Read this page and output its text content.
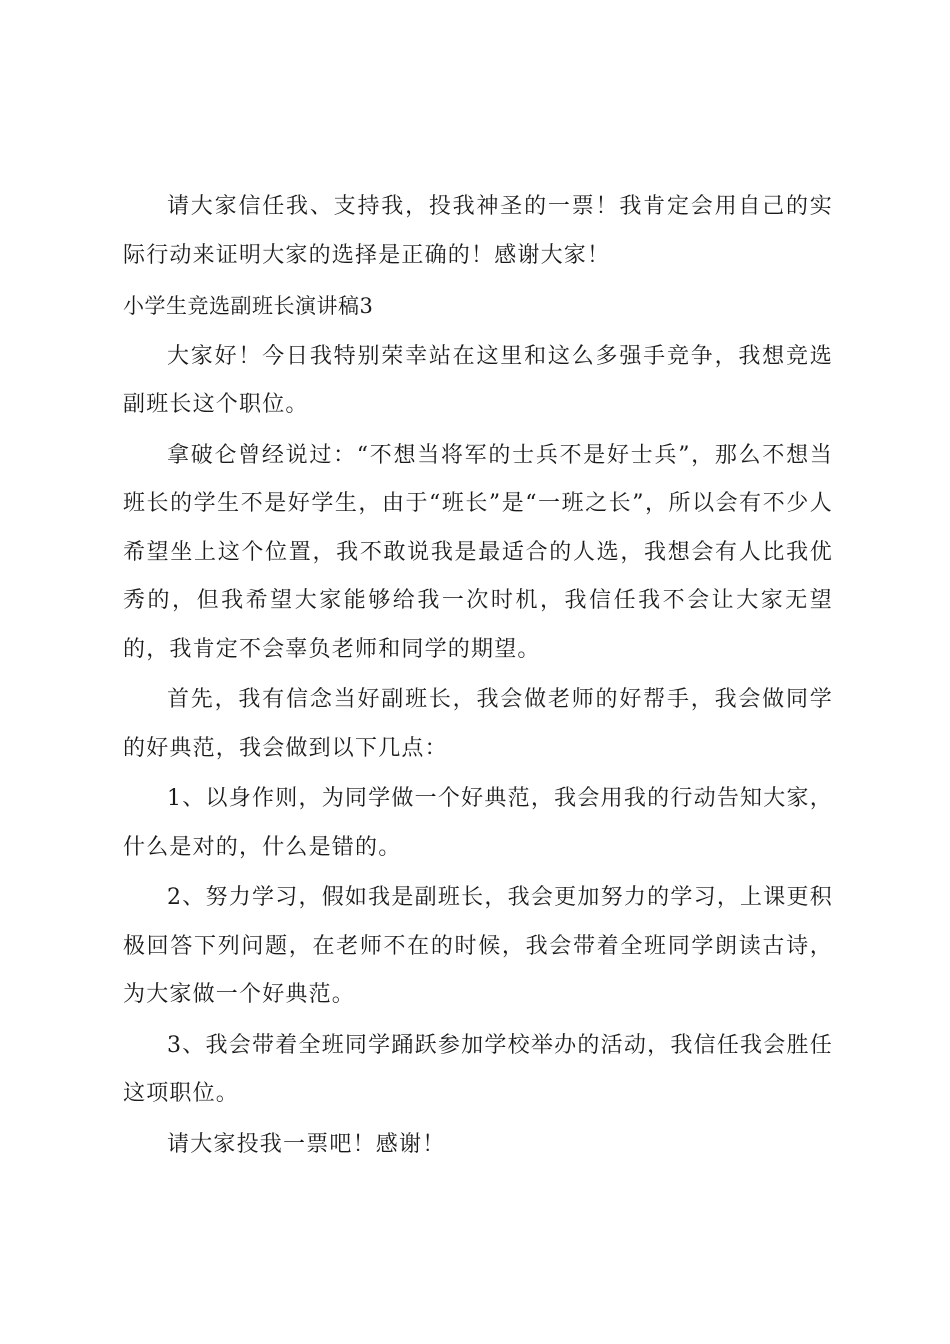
请大家信任我、支持我，投我神圣的一票！我肯定会用自己的实际行动来证明大家的选择是正确的！感谢大家！

小学生竞选副班长演讲稿3

大家好！今日我特别荣幸站在这里和这么多强手竞争，我想竞选副班长这个职位。

拿破仑曾经说过：“不想当将军的士兵不是好士兵”，那么不想当班长的学生不是好学生，由于“班长”是“一班之长”，所以会有不少人希望坐上这个位置，我不敢说我是最适合的人选，我想会有人比我优秀的，但我希望大家能够给我一次时机，我信任我不会让大家无望的，我肯定不会辜负老师和同学的期望。

首先，我有信念当好副班长，我会做老师的好帮手，我会做同学的好典范，我会做到以下几点：

1、以身作则，为同学做一个好典范，我会用我的行动告知大家，什么是对的，什么是错的。

2、努力学习，假如我是副班长，我会更加努力的学习，上课更积极回答下列问题，在老师不在的时候，我会带着全班同学朗读古诗，为大家做一个好典范。

3、我会带着全班同学踊跃参加学校举办的活动，我信任我会胜任这项职位。

请大家投我一票吧！感谢！
